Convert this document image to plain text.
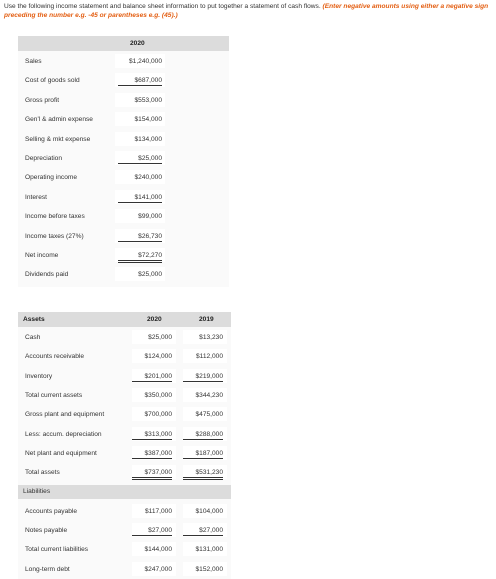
Use the following income statement and balance sheet information to put together a statement of cash flows. (Enter negative amounts using either a negative sign preceding the number e.g. -45 or parentheses e.g. (45).)
2020
Sales	$1,240,000
Cost of goods sold	$687,000
Gross profit	$553,000
Gen'l & admin expense	$154,000
Selling & mkt expense	$134,000
Depreciation	$25,000
Operating income	$240,000
Interest	$141,000
Income before taxes	$99,000
Income taxes (27%)	$26,730
Net income	$72,270
Dividends paid	$25,000
Assets	2020	2019
Cash	$25,000	$13,230
Accounts receivable	$124,000	$112,000
Inventory	$201,000	$219,000
Total current assets	$350,000	$344,230
Gross plant and equipment	$700,000	$475,000
Less: accum. depreciation	$313,000	$288,000
Net plant and equipment	$387,000	$187,000
Total assets	$737,000	$531,230
Liabilities
Accounts payable	$117,000	$104,000
Notes payable	$27,000	$27,000
Total current liabilities	$144,000	$131,000
Long-term debt	$247,000	$152,000
